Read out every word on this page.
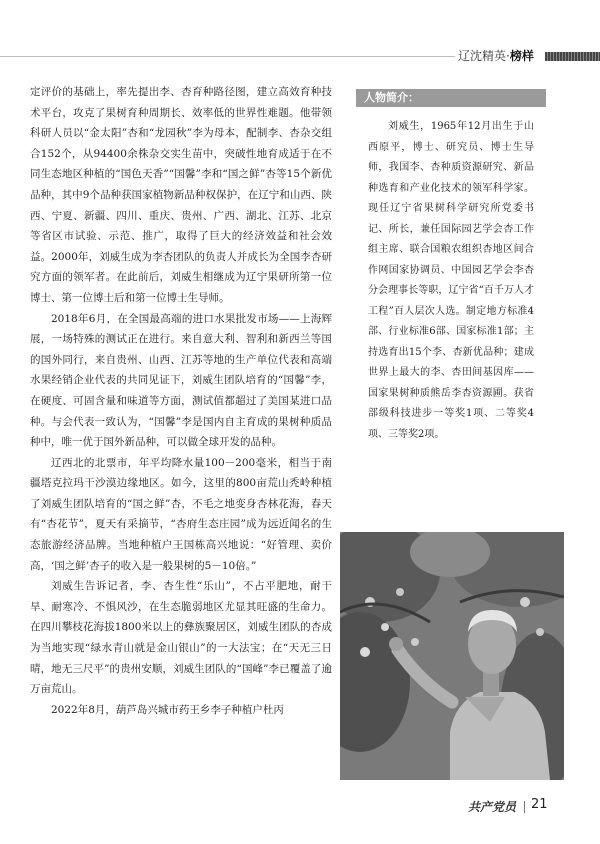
辽沈精英·榜样

定评价的基础上，率先提出李、杏育种路径图，建立高效育种技术平台，攻克了果树育种周期长、效率低的世界性难题。他带领科研人员以“金太阳”杏和“龙园秋”李为母本，配制李、杏杂交组合152个，从94400余株杂交实生苗中，突破性地育成适于在不同生态地区种植的“国色天香”“国馨”李和“国之鲜”杏等15个新优品种，其中9个品种获国家植物新品种权保护，在辽宁和山西、陕西、宁夏、新疆、四川、重庆、贵州、广西、湖北、江苏、北京等省区市试验、示范、推广，取得了巨大的经济效益和社会效益。2000年，刘威生成为李杏团队的负责人并成长为全国李杏研究方面的领军者。在此前后，刘威生相继成为辽宁果研所第一位博士、第一位博士后和第一位博士生导师。

2018年6月，在全国最高端的进口水果批发市场——上海辉展，一场特殊的测试正在进行。来自意大利、智利和新西兰等国的国外同行，来自贵州、山西、江苏等地的生产单位代表和高端水果经销企业代表的共同见证下，刘威生团队培育的“国馨”李，在硬度、可固含量和味道等方面，测试值都超过了美国某进口品种。与会代表一致认为，“国馨”李是国内自主育成的果树种质品种中，唯一优于国外新品种，可以做全球开发的品种。

辽西北的北票市，年平均降水量100－200毫米，相当于南疆塔克拉玛干沙漠边缘地区。如今，这里的800亩荒山秃岭种植了刘威生团队培育的“国之鲜”杏，不毛之地变身杏林花海，春天有“杏花节”，夏天有采摘节，“杏府生态庄园”成为远近闻名的生态旅游经济品牌。当地种植户王国栋高兴地说：“好管理、卖价高，‘国之鲜’杏子的收入是一般果树的5－10倍。”

刘威生告诉记者，李、杏生性“乐山”，不占平肥地，耐干旱、耐寒冷、不惧风沙，在生态脆弱地区尤显其旺盛的生命力。在四川攀枝花海拔1800米以上的彝族聚居区，刘威生团队的杏成为当地实现“绿水青山就是金山银山”的一大法宝；在“天无三日晴，地无三尺平”的贵州安顺，刘威生团队的“国峰”李已覆盖了逾万亩荒山。

2022年8月，葫芦岛兴城市药王乡李子种植户杜丙

人物简介：
刘威生，1965年12月出生于山西原平，博士、研究员、博士生导师，我国李、杏种质资源研究、新品种选育和产业化技术的领军科学家。现任辽宁省果树科学研究所党委书记、所长，兼任国际园艺学会杏工作组主席、联合国粮农组织杏地区间合作网国家协调员、中国园艺学会李杏分会理事长等职，辽宁省“百千万人才工程”百人层次人选。制定地方标准4部、行业标准6部、国家标准1部；主持选育出15个李、杏新优品种；建成世界上最大的李、杏田间基因库——国家果树种质熊岳李杏资源圃。获省部级科技进步一等奖1项、二等奖4项、三等奖2项。
共产党员 21
